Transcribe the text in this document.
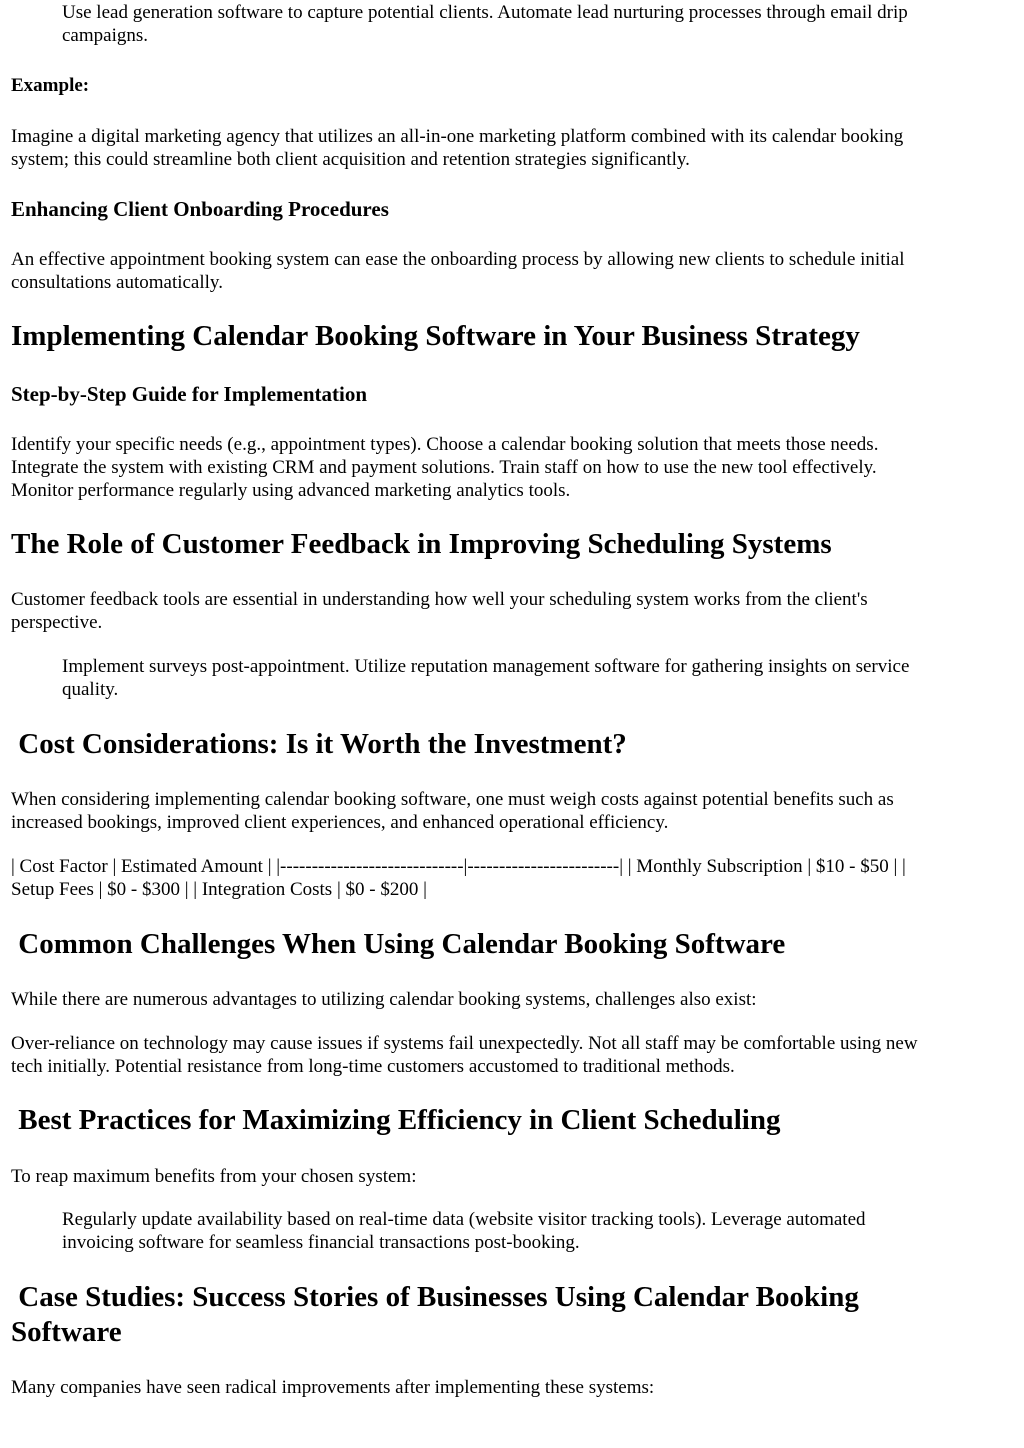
Use lead generation software to capture potential clients. Automate lead nurturing processes through email drip

campaigns.

Example:

Imagine a digital marketing agency that utilizes an all-in-one marketing platform combined with its calendar booking

system; this could streamline both client acquisition and retention strategies significantly.

Enhancing Client Onboarding Procedures

An effective appointment booking system can ease the onboarding process by allowing new clients to schedule initial

consultations automatically.

Implementing Calendar Booking Software in Your Business Strategy
Step-by-Step Guide for Implementation

Identify your specific needs (e.g., appointment types). Choose a calendar booking solution that meets those needs.

Integrate the system with existing CRM and payment solutions. Train staff on how to use the new tool effectively.

Monitor performance regularly using advanced marketing analytics tools.

The Role of Customer Feedback in Improving Scheduling Systems

Customer feedback tools are essential in understanding how well your scheduling system works from the client's

perspective.

Implement surveys post-appointment. Utilize reputation management software for gathering insights on service

quality.

Cost Considerations: Is it Worth the Investment?

When considering implementing calendar booking software, one must weigh costs against potential benefits such as

increased bookings, improved client experiences, and enhanced operational efficiency.

| Cost Factor | Estimated Amount | |-----------------------------|------------------------| | Monthly Subscription | $10 - $50 | |

Setup Fees | $0 - $300 | | Integration Costs | $0 - $200 |

Common Challenges When Using Calendar Booking Software

While there are numerous advantages to utilizing calendar booking systems, challenges also exist:

Over-reliance on technology may cause issues if systems fail unexpectedly. Not all staff may be comfortable using new

tech initially. Potential resistance from long-time customers accustomed to traditional methods.

Best Practices for Maximizing Efficiency in Client Scheduling

To reap maximum benefits from your chosen system:

Regularly update availability based on real-time data (website visitor tracking tools). Leverage automated

invoicing software for seamless financial transactions post-booking.

Case Studies: Success Stories of Businesses Using Calendar Booking
Software

Many companies have seen radical improvements after implementing these systems:
